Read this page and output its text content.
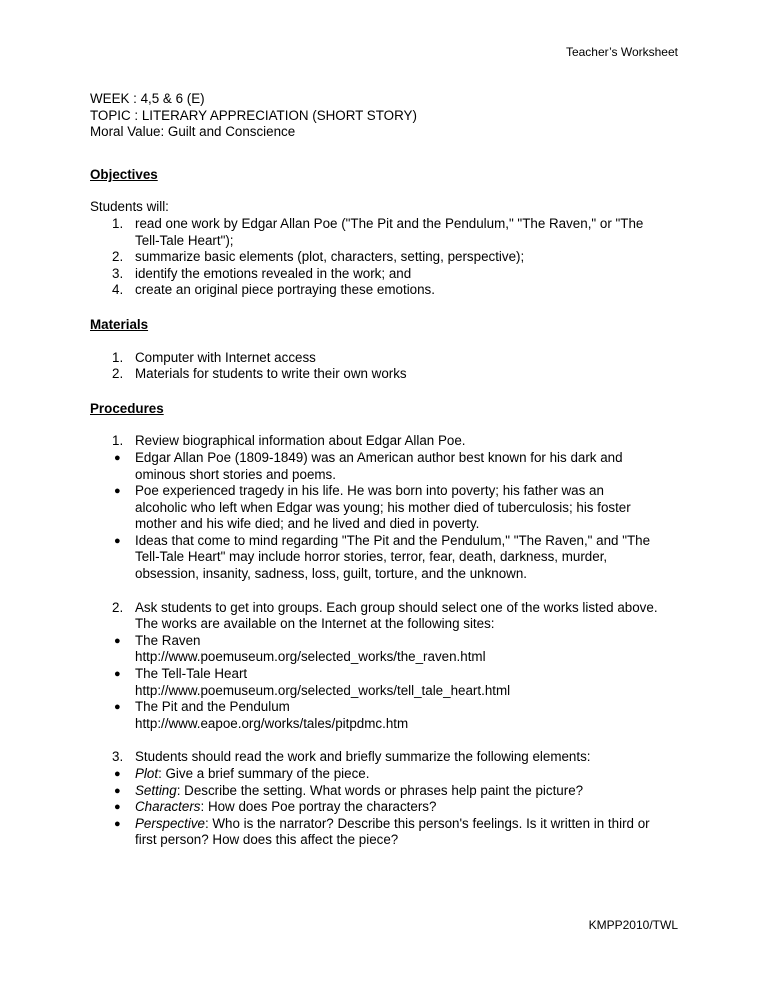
Teacher’s Worksheet
WEEK : 4,5 & 6 (E)
TOPIC : LITERARY APPRECIATION (SHORT STORY)
Moral Value: Guilt and Conscience
Objectives
Students will:
1. read one work by Edgar Allan Poe ("The Pit and the Pendulum," "The Raven," or "The
Tell-Tale Heart");
2. summarize basic elements (plot, characters, setting, perspective);
3. identify the emotions revealed in the work; and
4. create an original piece portraying these emotions.
Materials
1. Computer with Internet access
2. Materials for students to write their own works
Procedures
1. Review biographical information about Edgar Allan Poe.
● Edgar Allan Poe (1809-1849) was an American author best known for his dark and
ominous short stories and poems.
● Poe experienced tragedy in his life. He was born into poverty; his father was an
alcoholic who left when Edgar was young; his mother died of tuberculosis; his foster
mother and his wife died; and he lived and died in poverty.
● Ideas that come to mind regarding "The Pit and the Pendulum," "The Raven," and "The
Tell-Tale Heart" may include horror stories, terror, fear, death, darkness, murder,
obsession, insanity, sadness, loss, guilt, torture, and the unknown.
2. Ask students to get into groups. Each group should select one of the works listed above.
The works are available on the Internet at the following sites:
● The Raven
http://www.poemuseum.org/selected_works/the_raven.html
● The Tell-Tale Heart
http://www.poemuseum.org/selected_works/tell_tale_heart.html
● The Pit and the Pendulum
http://www.eapoe.org/works/tales/pitpdmc.htm
3. Students should read the work and briefly summarize the following elements:
● Plot: Give a brief summary of the piece.
● Setting: Describe the setting. What words or phrases help paint the picture?
● Characters: How does Poe portray the characters?
● Perspective: Who is the narrator? Describe this person's feelings. Is it written in third or
first person? How does this affect the piece?
KMPP2010/TWL
